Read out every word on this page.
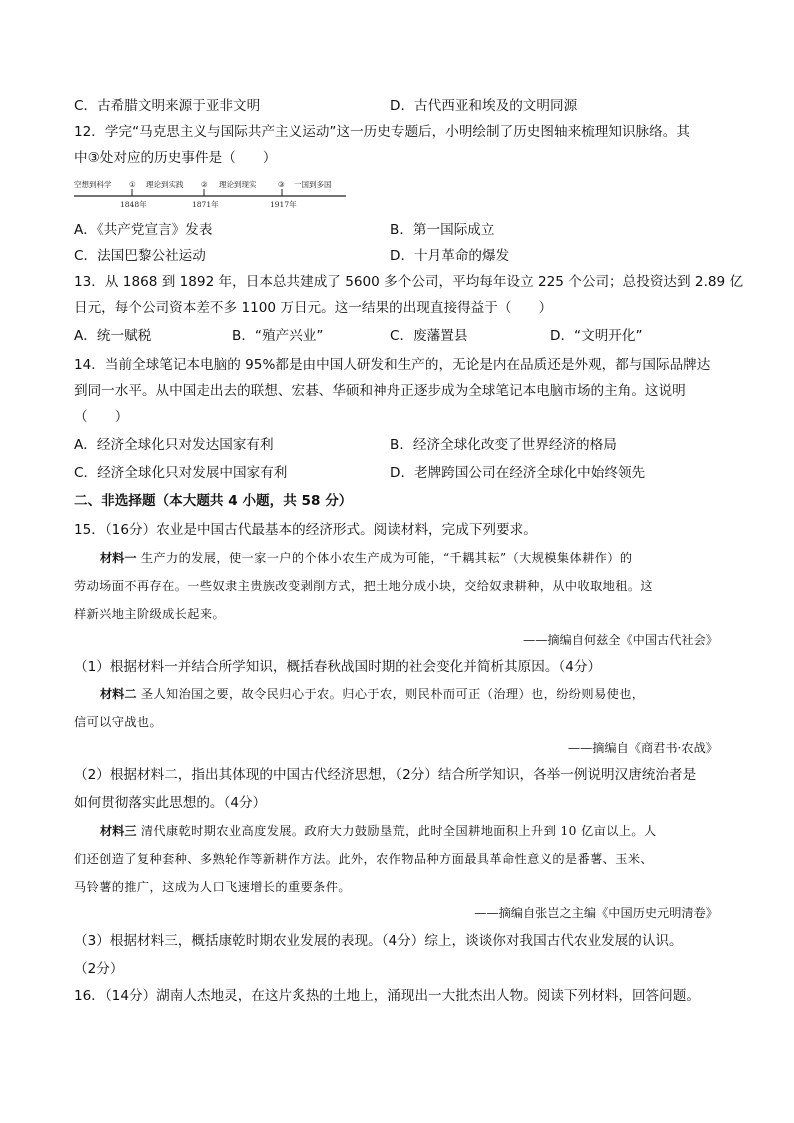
C．古希腊文明来源于亚非文明	D．古代西亚和埃及的文明同源
12．学完“马克思主义与国际共产主义运动”这一历史专题后，小明绘制了历史图轴来梳理知识脉络。其
中③处对应的历史事件是（　　）
空想到科学 ① 理论到实践 ② 理论到现实	③ 一国到多国
1848年	1871年	1917年
A．《共产党宣言》发表	B．第一国际成立
C．法国巴黎公社运动	D．十月革命的爆发
13．从 1868 到 1892 年，日本总共建成了 5600 多个公司，平均每年设立 225 个公司；总投资达到 2.89 亿
日元，每个公司资本差不多 1100 万日元。这一结果的出现直接得益于（　　）
A．统一赋税	B．“殖产兴业”	C．废藩置县	D．“文明开化”
14．当前全球笔记本电脑的 95%都是由中国人研发和生产的，无论是内在品质还是外观，都与国际品牌达
到同一水平。从中国走出去的联想、宏碁、华硕和神舟正逐步成为全球笔记本电脑市场的主角。这说明
（　　）
A．经济全球化只对发达国家有利	B．经济全球化改变了世界经济的格局
C．经济全球化只对发展中国家有利	D．老牌跨国公司在经济全球化中始终领先
二、非选择题（本大题共 4 小题，共 58 分）
15．（16分）农业是中国古代最基本的经济形式。阅读材料，完成下列要求。
材料一 生产力的发展，使一家一户的个体小农生产成为可能，“千耦其耘”（大规模集体耕作）的
劳动场面不再存在。一些奴隶主贵族改变剥削方式，把土地分成小块，交给奴隶耕种，从中收取地租。这
样新兴地主阶级成长起来。
——摘编自何兹全《中国古代社会》
（1）根据材料一并结合所学知识，概括春秋战国时期的社会变化并简析其原因。（4分）
材料二 圣人知治国之要，故令民归心于农。归心于农，则民朴而可正（治理）也，纷纷则易使也，
信可以守战也。
——摘编自《商君书·农战》
（2）根据材料二，指出其体现的中国古代经济思想，（2分）结合所学知识，各举一例说明汉唐统治者是
如何贯彻落实此思想的。（4分）
材料三 清代康乾时期农业高度发展。政府大力鼓励垦荒，此时全国耕地面积上升到 10 亿亩以上。人
们还创造了复种套种、多熟轮作等新耕作方法。此外，农作物品种方面最具革命性意义的是番薯、玉米、
马铃薯的推广，这成为人口飞速增长的重要条件。
——摘编自张岂之主编《中国历史元明清卷》
（3）根据材料三，概括康乾时期农业发展的表现。（4分）综上，谈谈你对我国古代农业发展的认识。
（2分）
16．（14分）湖南人杰地灵，在这片炙热的土地上，涌现出一大批杰出人物。阅读下列材料，回答问题。
